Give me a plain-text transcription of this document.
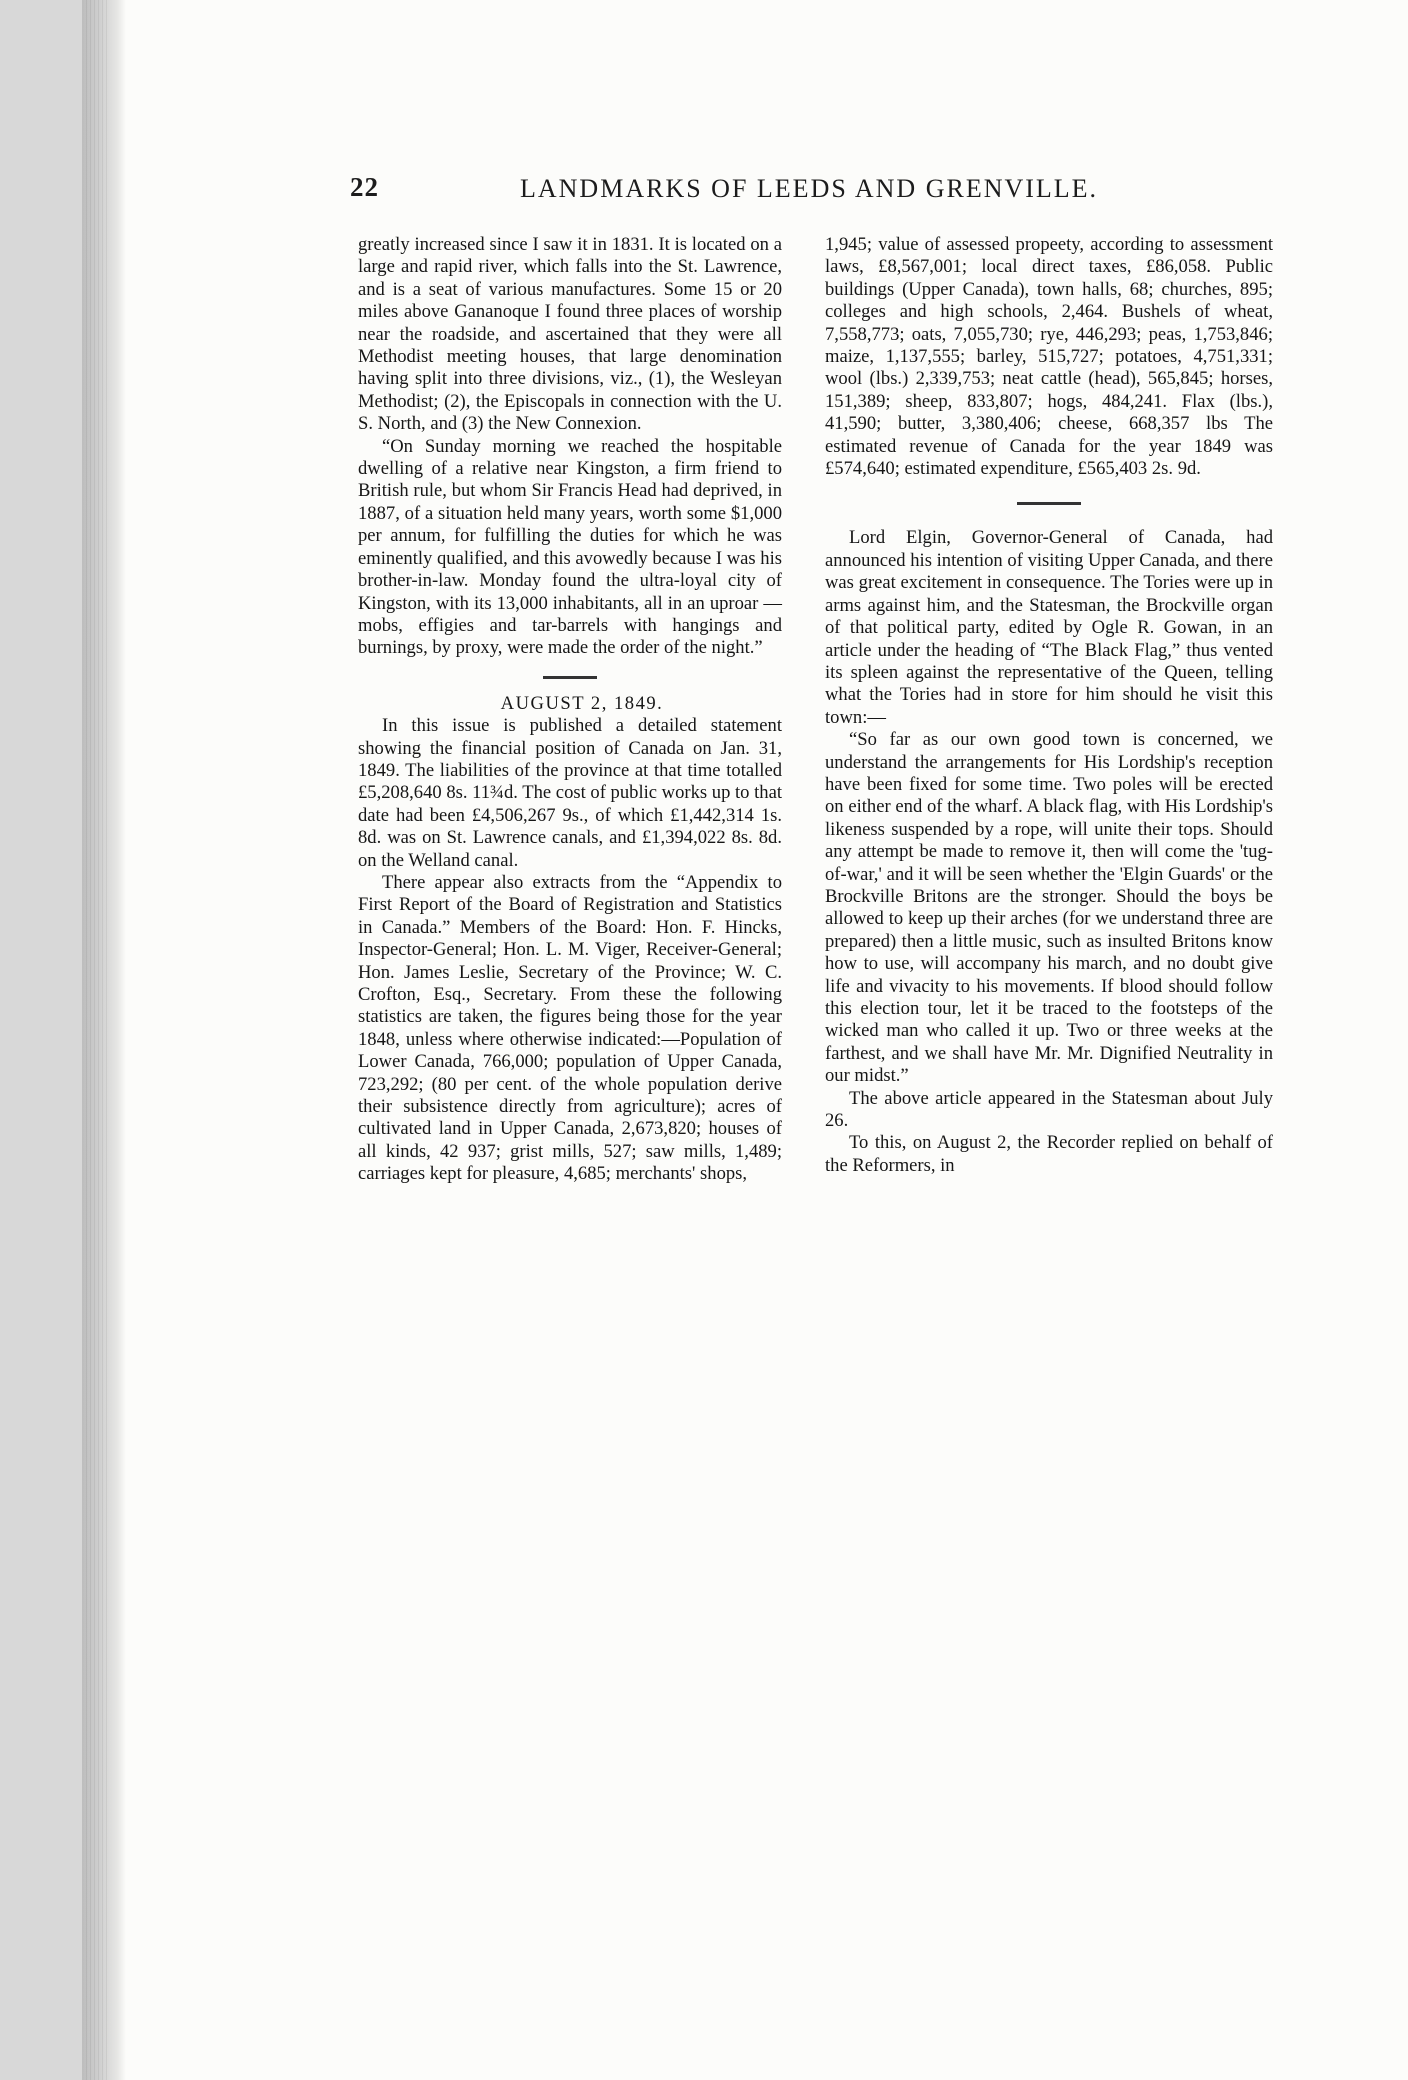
22	LANDMARKS OF LEEDS AND GRENVILLE.

greatly increased since I saw it in 1831. It is located on a large and rapid river, which falls into the St. Lawrence, and is a seat of various manufactures. Some 15 or 20 miles above Gananoque I found three places of worship near the roadside, and ascertained that they were all Methodist meeting houses, that large denomination having split into three divisions, viz., (1), the Wesleyan Methodist; (2), the Episcopals in connection with the U. S. North, and (3) the New Connexion.

“On Sunday morning we reached the hospitable dwelling of a relative near Kingston, a firm friend to British rule, but whom Sir Francis Head had deprived, in 1887, of a situation held many years, worth some $1,000 per annum, for fulfilling the duties for which he was eminently qualified, and this avowedly because I was his brother-in-law. Monday found the ultra-loyal city of Kingston, with its 13,000 inhabitants, all in an uproar —mobs, effigies and tar-barrels with hangings and burnings, by proxy, were made the order of the night.”

AUGUST 2, 1849.

In this issue is published a detailed statement showing the financial position of Canada on Jan. 31, 1849. The liabilities of the province at that time totalled £5,208,640 8s. 11¾d. The cost of public works up to that date had been £4,506,267 9s., of which £1,442,314 1s. 8d. was on St. Lawrence canals, and £1,394,022 8s. 8d. on the Welland canal.

There appear also extracts from the “Appendix to First Report of the Board of Registration and Statistics in Canada.” Members of the Board: Hon. F. Hincks, Inspector-General; Hon. L. M. Viger, Receiver-General; Hon. James Leslie, Secretary of the Province; W. C. Crofton, Esq., Secretary. From these the following statistics are taken, the figures being those for the year 1848, unless where otherwise indicated:—Population of Lower Canada, 766,000; population of Upper Canada, 723,292; (80 per cent. of the whole population derive their subsistence directly from agriculture); acres of cultivated land in Upper Canada, 2,673,820; houses of all kinds, 42 937; grist mills, 527; saw mills, 1,489; carriages kept for pleasure, 4,685; merchants' shops,

1,945; value of assessed propeety, according to assessment laws, £8,567,001; local direct taxes, £86,058. Public buildings (Upper Canada), town halls, 68; churches, 895; colleges and high schools, 2,464. Bushels of wheat, 7,558,773; oats, 7,055,730; rye, 446,293; peas, 1,753,846; maize, 1,137,555; barley, 515,727; potatoes, 4,751,331; wool (lbs.) 2,339,753; neat cattle (head), 565,845; horses, 151,389; sheep, 833,807; hogs, 484,241. Flax (lbs.), 41,590; butter, 3,380,406; cheese, 668,357 lbs The estimated revenue of Canada for the year 1849 was £574,640; estimated expenditure, £565,403 2s. 9d.

Lord Elgin, Governor-General of Canada, had announced his intention of visiting Upper Canada, and there was great excitement in consequence. The Tories were up in arms against him, and the Statesman, the Brockville organ of that political party, edited by Ogle R. Gowan, in an article under the heading of “The Black Flag,” thus vented its spleen against the representative of the Queen, telling what the Tories had in store for him should he visit this town:—

“So far as our own good town is concerned, we understand the arrangements for His Lordship's reception have been fixed for some time. Two poles will be erected on either end of the wharf. A black flag, with His Lordship's likeness suspended by a rope, will unite their tops. Should any attempt be made to remove it, then will come the 'tug-of-war,' and it will be seen whether the 'Elgin Guards' or the Brockville Britons are the stronger. Should the boys be allowed to keep up their arches (for we understand three are prepared) then a little music, such as insulted Britons know how to use, will accompany his march, and no doubt give life and vivacity to his movements. If blood should follow this election tour, let it be traced to the footsteps of the wicked man who called it up. Two or three weeks at the farthest, and we shall have Mr. Mr. Dignified Neutrality in our midst.”

The above article appeared in the Statesman about July 26.

To this, on August 2, the Recorder replied on behalf of the Reformers, in
